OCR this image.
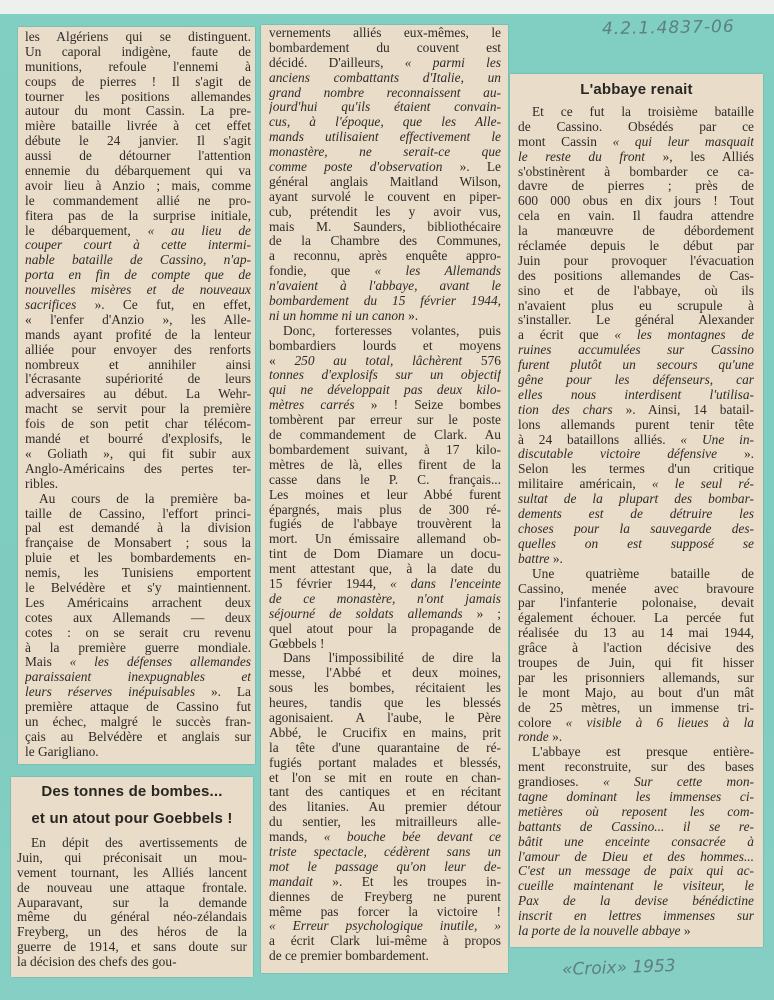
4.2.1.4837-06
les Algériens qui se distinguent.
Un caporal indigène, faute de
munitions, refoule l'ennemi à
coups de pierres ! Il s'agit de
tourner les positions allemandes
autour du mont Cassin. La pre-
mière bataille livrée à cet effet
débute le 24 janvier. Il s'agit
aussi de détourner l'attention
ennemie du débarquement qui va
avoir lieu à Anzio ; mais, comme
le commandement allié ne pro-
fitera pas de la surprise initiale,
le débarquement, « au lieu de
couper court à cette intermi-
nable bataille de Cassino, n'ap-
porta en fin de compte que de
nouvelles misères et de nouveaux
sacrifices ». Ce fut, en effet,
« l'enfer d'Anzio », les Alle-
mands ayant profité de la lenteur
alliée pour envoyer des renforts
nombreux et annihiler ainsi
l'écrasante supériorité de leurs
adversaires au début. La Wehr-
macht se servit pour la première
fois de son petit char télécom-
mandé et bourré d'explosifs, le
« Goliath », qui fit subir aux
Anglo-Américains des pertes ter-
ribles.
Au cours de la première ba-
taille de Cassino, l'effort princi-
pal est demandé à la division
française de Monsabert ; sous la
pluie et les bombardements en-
nemis, les Tunisiens emportent
le Belvédère et s'y maintiennent.
Les Américains arrachent deux
cotes aux Allemands — deux
cotes : on se serait cru revenu
à la première guerre mondiale.
Mais « les défenses allemandes
paraissaient inexpugnables et
leurs réserves inépuisables ». La
première attaque de Cassino fut
un échec, malgré le succès fran-
çais au Belvédère et anglais sur
le Garigliano.
Des tonnes de bombes...
et un atout pour Goebbels !
En dépit des avertissements de
Juin, qui préconisait un mou-
vement tournant, les Alliés lancent
de nouveau une attaque frontale.
Auparavant, sur la demande
même du général néo-zélandais
Freyberg, un des héros de la
guerre de 1914, et sans doute sur
la décision des chefs des gou-
vernements alliés eux-mêmes, le
bombardement du couvent est
décidé. D'ailleurs, « parmi les
anciens combattants d'Italie, un
grand nombre reconnaissent au-
jourd'hui qu'ils étaient convain-
cus, à l'époque, que les Alle-
mands utilisaient effectivement le
monastère, ne serait-ce que
comme poste d'observation ». Le
général anglais Maitland Wilson,
ayant survolé le couvent en piper-
cub, prétendit les y avoir vus,
mais M. Saunders, bibliothécaire
de la Chambre des Communes,
a reconnu, après enquête appro-
fondie, que « les Allemands
n'avaient à l'abbaye, avant le
bombardement du 15 février 1944,
ni un homme ni un canon ».
Donc, forteresses volantes, puis
bombardiers lourds et moyens
« 250 au total, lâchèrent 576
tonnes d'explosifs sur un objectif
qui ne développait pas deux kilo-
mètres carrés » ! Seize bombes
tombèrent par erreur sur le poste
de commandement de Clark. Au
bombardement suivant, à 17 kilo-
mètres de là, elles firent de la
casse dans le P. C. français...
Les moines et leur Abbé furent
épargnés, mais plus de 300 ré-
fugiés de l'abbaye trouvèrent la
mort. Un émissaire allemand ob-
tint de Dom Diamare un docu-
ment attestant que, à la date du
15 février 1944, « dans l'enceinte
de ce monastère, n'ont jamais
séjourné de soldats allemands » ;
quel atout pour la propagande de
Gœbbels !
Dans l'impossibilité de dire la
messe, l'Abbé et deux moines,
sous les bombes, récitaient les
heures, tandis que les blessés
agonisaient. A l'aube, le Père
Abbé, le Crucifix en mains, prit
la tête d'une quarantaine de ré-
fugiés portant malades et blessés,
et l'on se mit en route en chan-
tant des cantiques et en récitant
des litanies. Au premier détour
du sentier, les mitrailleurs alle-
mands, « bouche bée devant ce
triste spectacle, cédèrent sans un
mot le passage qu'on leur de-
mandait ». Et les troupes in-
diennes de Freyberg ne purent
même pas forcer la victoire !
« Erreur psychologique inutile, »
a écrit Clark lui-même à propos
de ce premier bombardement.
L'abbaye renait
Et ce fut la troisième bataille
de Cassino. Obsédés par ce
mont Cassin « qui leur masquait
le reste du front », les Alliés
s'obstinèrent à bombarder ce ca-
davre de pierres ; près de
600 000 obus en dix jours ! Tout
cela en vain. Il faudra attendre
la manœuvre de débordement
réclamée depuis le début par
Juin pour provoquer l'évacuation
des positions allemandes de Cas-
sino et de l'abbaye, où ils
n'avaient plus eu scrupule à
s'installer. Le général Alexander
a écrit que « les montagnes de
ruines accumulées sur Cassino
furent plutôt un secours qu'une
gêne pour les défenseurs, car
elles nous interdisent l'utilisa-
tion des chars ». Ainsi, 14 batail-
lons allemands purent tenir tête
à 24 bataillons alliés. « Une in-
discutable victoire défensive ».
Selon les termes d'un critique
militaire américain, « le seul ré-
sultat de la plupart des bombar-
dements est de détruire les
choses pour la sauvegarde des-
quelles on est supposé se
battre ».
Une quatrième bataille de
Cassino, menée avec bravoure
par l'infanterie polonaise, devait
également échouer. La percée fut
réalisée du 13 au 14 mai 1944,
grâce à l'action décisive des
troupes de Juin, qui fit hisser
par les prisonniers allemands, sur
le mont Majo, au bout d'un mât
de 25 mètres, un immense tri-
colore « visible à 6 lieues à la
ronde ».
L'abbaye est presque entière-
ment reconstruite, sur des bases
grandioses. « Sur cette mon-
tagne dominant les immenses ci-
metières où reposent les com-
battants de Cassino... il se re-
bâtit une enceinte consacrée à
l'amour de Dieu et des hommes...
C'est un message de paix qui ac-
cueille maintenant le visiteur, le
Pax de la devise bénédictine
inscrit en lettres immenses sur
la porte de la nouvelle abbaye »
«Croix» 1953
